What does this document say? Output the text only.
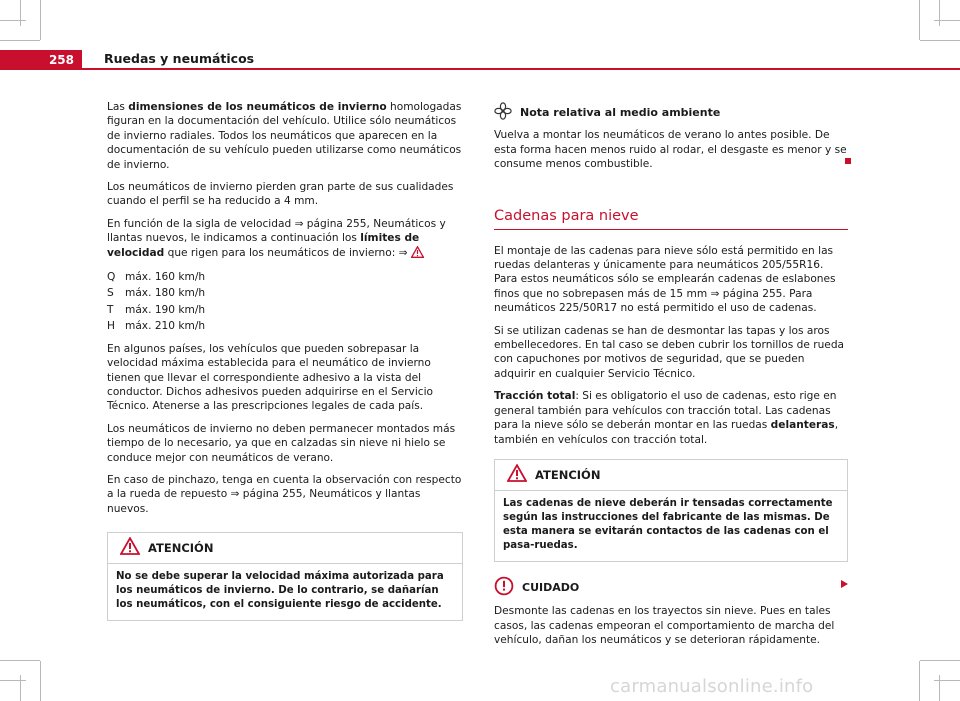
258	Ruedas y neumáticos

Las dimensiones de los neumáticos de invierno homologadas figuran en la documentación del vehículo. Utilice sólo neumáticos de invierno radiales. Todos los neumáticos que aparecen en la documentación de su vehículo pueden utilizarse como neumáticos de invierno.

Los neumáticos de invierno pierden gran parte de sus cualidades cuando el perfil se ha reducido a 4 mm.

En función de la sigla de velocidad ⇒ página 255, Neumáticos y llantas nuevos, le indicamos a continuación los límites de velocidad que rigen para los neumáticos de invierno: ⇒

Q máx. 160 km/h
S	máx. 180 km/h
T	máx. 190 km/h
H máx. 210 km/h

En algunos países, los vehículos que pueden sobrepasar la velocidad máxima establecida para el neumático de invierno tienen que llevar el correspondiente adhesivo a la vista del conductor. Dichos adhesivos pueden adquirirse en el Servicio Técnico. Atenerse a las prescripciones legales de cada país.

Los neumáticos de invierno no deben permanecer montados más tiempo de lo necesario, ya que en calzadas sin nieve ni hielo se conduce mejor con neumáticos de verano.

En caso de pinchazo, tenga en cuenta la observación con respecto a la rueda de repuesto ⇒ página 255, Neumáticos y llantas nuevos.

ATENCIÓN
No se debe superar la velocidad máxima autorizada para los neumáticos de invierno. De lo contrario, se dañarían los neumáticos, con el consiguiente riesgo de accidente.
Nota relativa al medio ambiente

Vuelva a montar los neumáticos de verano lo antes posible. De esta forma hacen menos ruido al rodar, el desgaste es menor y se consume menos combustible.

Cadenas para nieve

El montaje de las cadenas para nieve sólo está permitido en las ruedas delanteras y únicamente para neumáticos 205/55R16. Para estos neumáticos sólo se emplearán cadenas de eslabones finos que no sobrepasen más de 15 mm ⇒ página 255. Para neumáticos 225/50R17 no está permitido el uso de cadenas.

Si se utilizan cadenas se han de desmontar las tapas y los aros embellecedores. En tal caso se deben cubrir los tornillos de rueda con capuchones por motivos de seguridad, que se pueden adquirir en cualquier Servicio Técnico.

Tracción total: Si es obligatorio el uso de cadenas, esto rige en general también para vehículos con tracción total. Las cadenas para la nieve sólo se deberán montar en las ruedas delanteras, también en vehículos con tracción total.

ATENCIÓN
Las cadenas de nieve deberán ir tensadas correctamente según las instrucciones del fabricante de las mismas. De esta manera se evitarán contactos de las cadenas con el pasa-ruedas.
CUIDADO

Desmonte las cadenas en los trayectos sin nieve. Pues en tales casos, las cadenas empeoran el comportamiento de marcha del vehículo, dañan los neumáticos y se deterioran rápidamente.

carmanualsonline.info
